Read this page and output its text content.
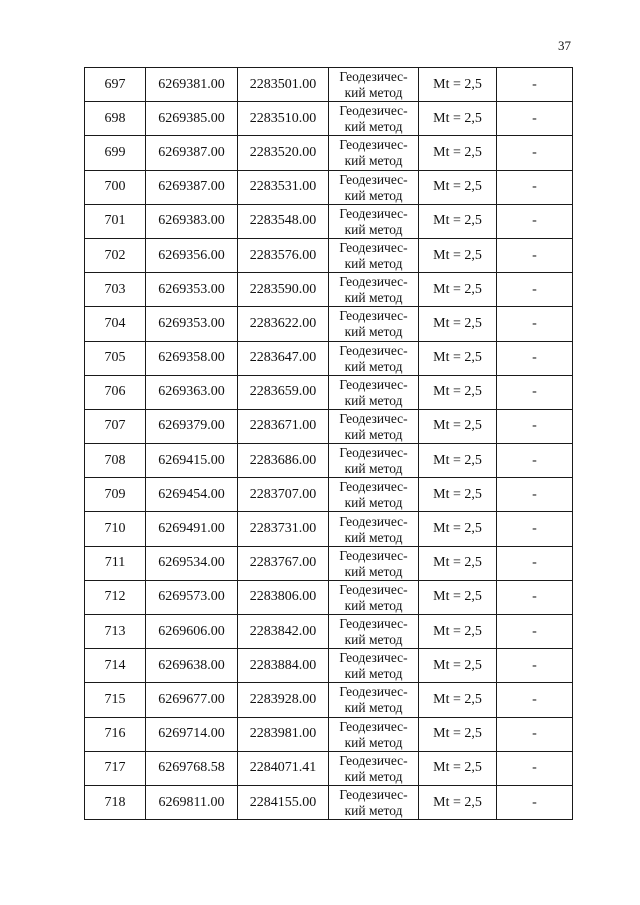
37
697	6269381.00	2283501.00	Геодезичес-
кий метод	Mt = 2,5	-
698	6269385.00	2283510.00	Геодезичес-
кий метод	Mt = 2,5	-
699	6269387.00	2283520.00	Геодезичес-
кий метод	Mt = 2,5	-
700	6269387.00	2283531.00	Геодезичес-
кий метод	Mt = 2,5	-
701	6269383.00	2283548.00	Геодезичес-
кий метод	Mt = 2,5	-
702	6269356.00	2283576.00	Геодезичес-
кий метод	Mt = 2,5	-
703	6269353.00	2283590.00	Геодезичес-
кий метод	Mt = 2,5	-
704	6269353.00	2283622.00	Геодезичес-
кий метод	Mt = 2,5	-
705	6269358.00	2283647.00	Геодезичес-
кий метод	Mt = 2,5	-
706	6269363.00	2283659.00	Геодезичес-
кий метод	Mt = 2,5	-
707	6269379.00	2283671.00	Геодезичес-
кий метод	Mt = 2,5	-
708	6269415.00	2283686.00	Геодезичес-
кий метод	Mt = 2,5	-
709	6269454.00	2283707.00	Геодезичес-
кий метод	Mt = 2,5	-
710	6269491.00	2283731.00	Геодезичес-
кий метод	Mt = 2,5	-
711	6269534.00	2283767.00	Геодезичес-
кий метод	Mt = 2,5	-
712	6269573.00	2283806.00	Геодезичес-
кий метод	Mt = 2,5	-
713	6269606.00	2283842.00	Геодезичес-
кий метод	Mt = 2,5	-
714	6269638.00	2283884.00	Геодезичес-
кий метод	Mt = 2,5	-
715	6269677.00	2283928.00	Геодезичес-
кий метод	Mt = 2,5	-
716	6269714.00	2283981.00	Геодезичес-
кий метод	Mt = 2,5	-
717	6269768.58	2284071.41	Геодезичес-
кий метод	Mt = 2,5	-
718	6269811.00	2284155.00	Геодезичес-
кий метод	Mt = 2,5	-
